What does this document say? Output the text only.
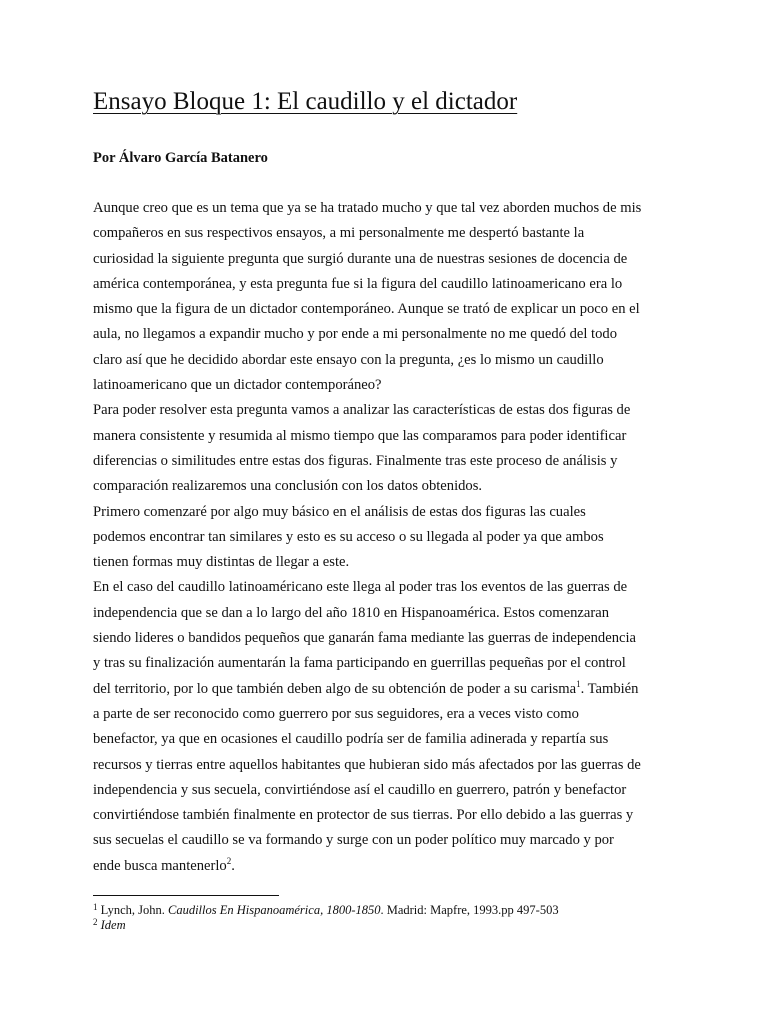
Ensayo Bloque 1: El caudillo y el dictador
Por Álvaro García Batanero
Aunque creo que es un tema que ya se ha tratado mucho y que tal vez aborden muchos de mis
compañeros en sus respectivos ensayos, a mi personalmente me despertó bastante la
curiosidad la siguiente pregunta que surgió durante una de nuestras sesiones de docencia de
américa contemporánea, y esta pregunta fue si la figura del caudillo latinoamericano era lo
mismo que la figura de un dictador contemporáneo. Aunque se trató de explicar un poco en el
aula, no llegamos a expandir mucho y por ende a mi personalmente no me quedó del todo
claro así que he decidido abordar este ensayo con la pregunta, ¿es lo mismo un caudillo
latinoamericano que un dictador contemporáneo?
Para poder resolver esta pregunta vamos a analizar las características de estas dos figuras de
manera consistente y resumida al mismo tiempo que las comparamos para poder identificar
diferencias o similitudes entre estas dos figuras. Finalmente tras este proceso de análisis y
comparación realizaremos una conclusión con los datos obtenidos.
Primero comenzaré por algo muy básico en el análisis de estas dos figuras las cuales
podemos encontrar tan similares y esto es su acceso o su llegada al poder ya que ambos
tienen formas muy distintas de llegar a este.
En el caso del caudillo latinoaméricano este llega al poder tras los eventos de las guerras de
independencia que se dan a lo largo del año 1810 en Hispanoamérica. Estos comenzaran
siendo lideres o bandidos pequeños que ganarán fama mediante las guerras de independencia
y tras su finalización aumentarán la fama participando en guerrillas pequeñas por el control
del territorio, por lo que también deben algo de su obtención de poder a su carisma$^1$. También
a parte de ser reconocido como guerrero por sus seguidores, era a veces visto como
benefactor, ya que en ocasiones el caudillo podría ser de familia adinerada y repartía sus
recursos y tierras entre aquellos habitantes que hubieran sido más afectados por las guerras de
independencia y sus secuela, convirtiéndose así el caudillo en guerrero, patrón y benefactor
convirtiéndose también finalmente en protector de sus tierras. Por ello debido a las guerras y
sus secuelas el caudillo se va formando y surge con un poder político muy marcado y por
ende busca mantenerlo$^2$.
$^1$ Lynch, John. Caudillos En Hispanoamérica, 1800-1850. Madrid: Mapfre, 1993.pp 497-503
$^2$ Idem
